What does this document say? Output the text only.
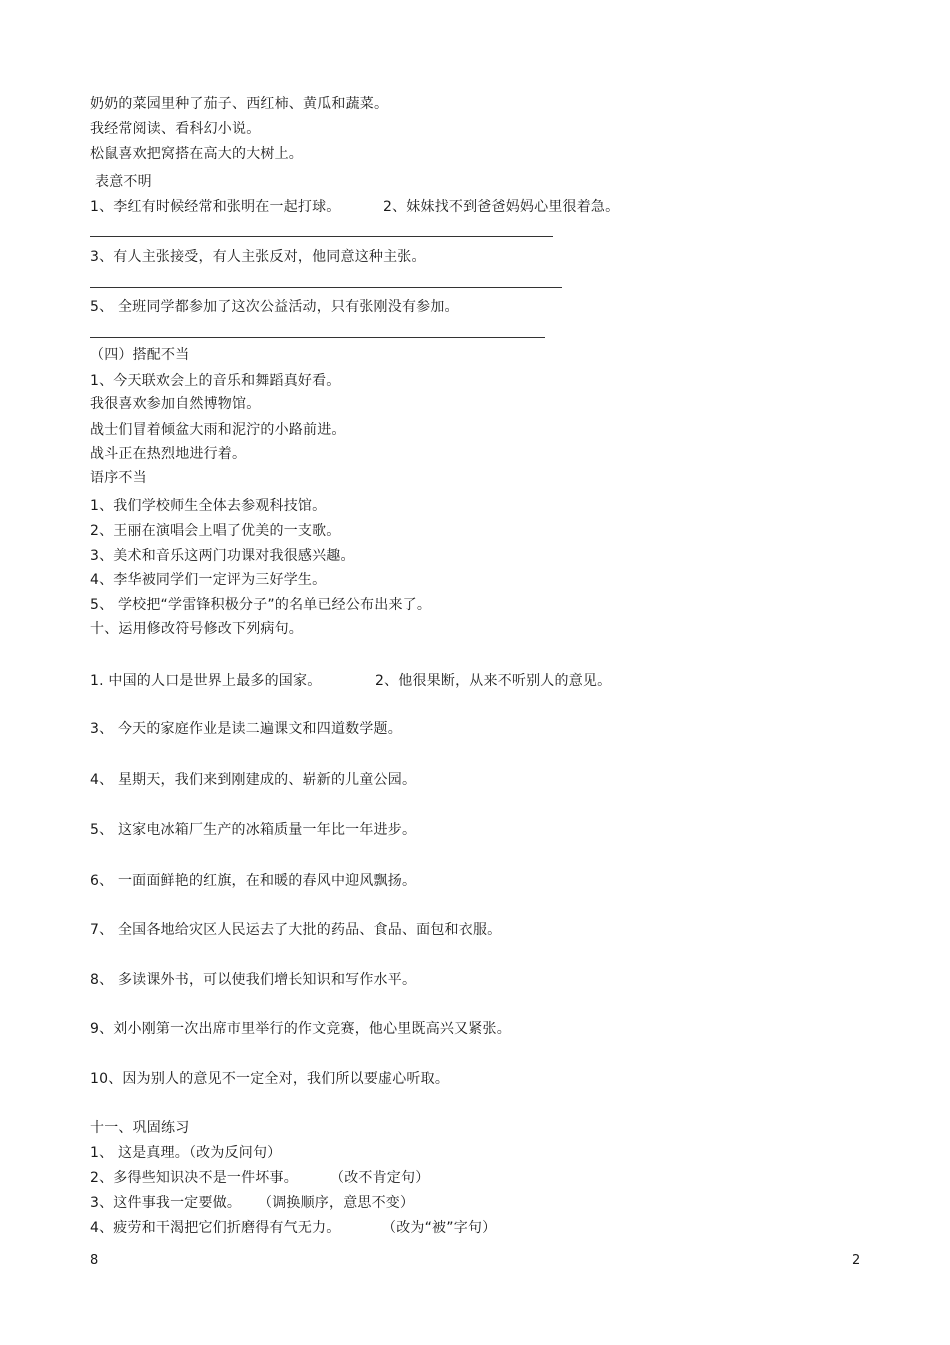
奶奶的菜园里种了茄子、西红柿、黄瓜和蔬菜。
我经常阅读、看科幻小说。
松鼠喜欢把窝搭在高大的大树上。
表意不明
1、李红有时候经常和张明在一起打球。	2、妹妹找不到爸爸妈妈心里很着急。
3、有人主张接受，有人主张反对，他同意这种主张。
5、 全班同学都参加了这次公益活动，只有张刚没有参加。
（四）搭配不当
1、今天联欢会上的音乐和舞蹈真好看。
我很喜欢参加自然博物馆。
战士们冒着倾盆大雨和泥泞的小路前进。
战斗正在热烈地进行着。
语序不当
1、我们学校师生全体去参观科技馆。
2、王丽在演唱会上唱了优美的一支歌。
3、美术和音乐这两门功课对我很感兴趣。
4、李华被同学们一定评为三好学生。
5、 学校把“学雷锋积极分子”的名单已经公布出来了。
十、运用修改符号修改下列病句。
1. 中国的人口是世界上最多的国家。	2、他很果断，从来不听别人的意见。
3、 今天的家庭作业是读二遍课文和四道数学题。
4、 星期天，我们来到刚建成的、崭新的儿童公园。
5、 这家电冰箱厂生产的冰箱质量一年比一年进步。
6、 一面面鲜艳的红旗，在和暖的春风中迎风飘扬。
7、 全国各地给灾区人民运去了大批的药品、食品、面包和衣服。
8、 多读课外书，可以使我们增长知识和写作水平。
9、刘小刚第一次出席市里举行的作文竞赛，他心里既高兴又紧张。
10、因为别人的意见不一定全对，我们所以要虚心听取。
十一、巩固练习
1、 这是真理。（改为反问句）
2、多得些知识决不是一件坏事。 （改不肯定句）
3、这件事我一定要做。 （调换顺序，意思不变）
4、疲劳和干渴把它们折磨得有气无力。	（改为“被”字句）
8	2
